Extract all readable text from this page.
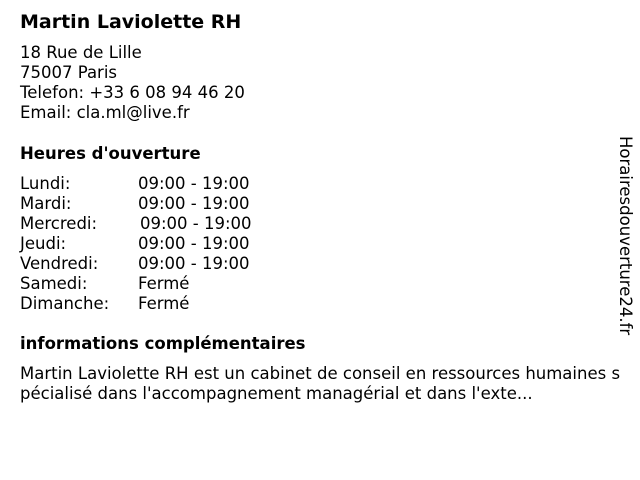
Martin Laviolette RH
18 Rue de Lille
75007 Paris
Telefon: +33 6 08 94 46 20
Email: cla.ml@live.fr
Heures d'ouverture
Lundi:	09:00 - 19:00
Mardi:	09:00 - 19:00
Mercredi:	09:00 - 19:00
Jeudi:	09:00 - 19:00
Vendredi: 09:00 - 19:00
Samedi:	Fermé
Dimanche: Fermé
informations complémentaires
Martin Laviolette RH est un cabinet de conseil en ressources humaines spécialisé dans l'accompagnement managérial et dans l'exte...
Horairesdouverture24.fr
